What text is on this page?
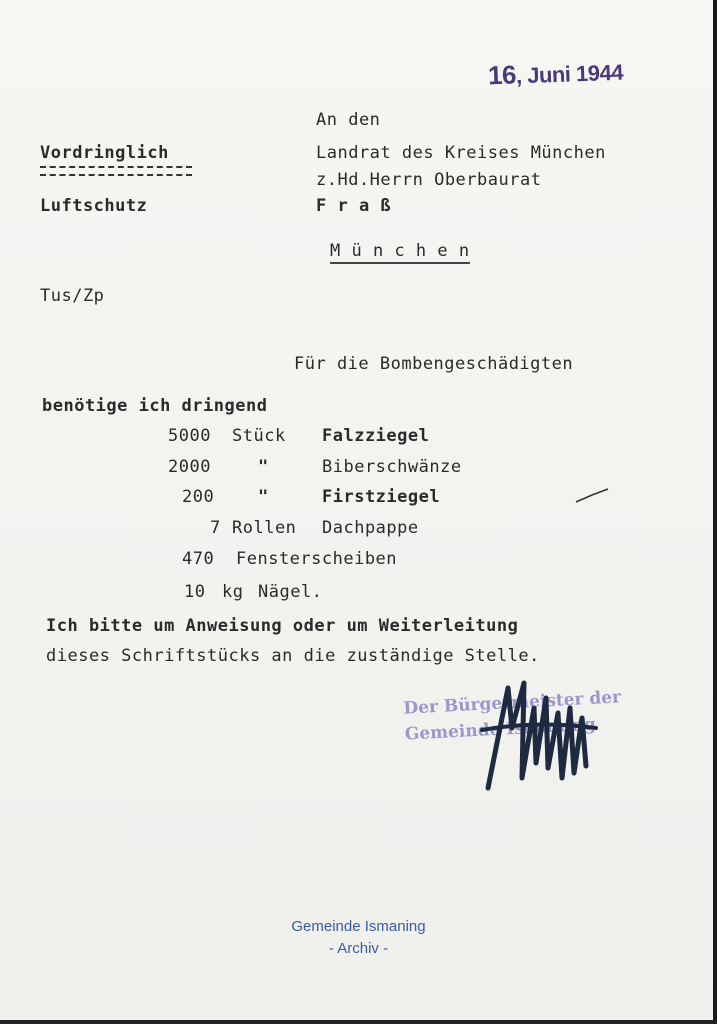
16, Juni 1944
An den
Landrat des Kreises München
z.Hd.Herrn Oberbaurat
F r a ß
M ü n c h e n
Vordringlich
Luftschutz
Tus/Zp
Für die Bombengeschädigten
benötige ich dringend
5000 Stück Falzziegel
2000	"	Biberschwänze
200	"	Firstziegel
7 Rollen Dachpappe
470 Fensterscheiben
10 kg Nägel.
Ich bitte um Anweisung oder um Weiterleitung
dieses Schriftstücks an die zuständige Stelle.
Der Bürgermeister der
Gemeinde Ismaning
Gemeinde Ismaning
- Archiv -
